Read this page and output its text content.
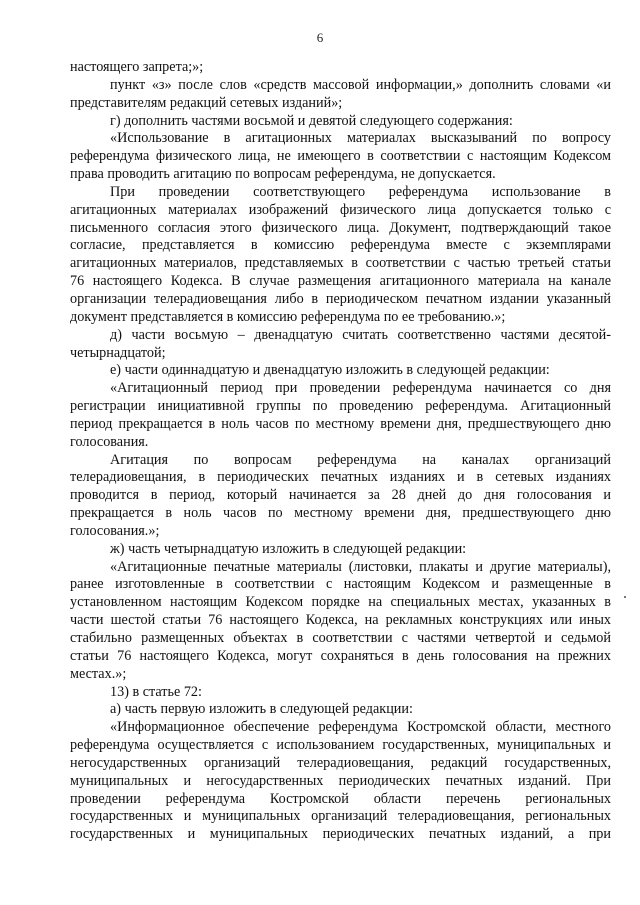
6
настоящего запрета;»;
пункт «з» после слов «средств массовой информации,» дополнить словами «и
представителям редакций сетевых изданий»;
г) дополнить частями восьмой и девятой следующего содержания:
«Использование в агитационных материалах высказываний по вопросу
референдума физического лица, не имеющего в соответствии с настоящим Кодексом
права проводить агитацию по вопросам референдума, не допускается.
При проведении соответствующего референдума использование в
агитационных материалах изображений физического лица допускается только с
письменного согласия этого физического лица. Документ, подтверждающий такое
согласие, представляется в комиссию референдума вместе с экземплярами
агитационных материалов, представляемых в соответствии с частью третьей статьи
76 настоящего Кодекса. В случае размещения агитационного материала на канале
организации телерадиовещания либо в периодическом печатном издании указанный
документ представляется в комиссию референдума по ее требованию.»;
д) части восьмую – двенадцатую считать соответственно частями десятой-
четырнадцатой;
е) части одиннадцатую и двенадцатую изложить в следующей редакции:
«Агитационный период при проведении референдума начинается со дня
регистрации инициативной группы по проведению референдума. Агитационный
период прекращается в ноль часов по местному времени дня, предшествующего дню
голосования.
Агитация по вопросам референдума на каналах организаций
телерадиовещания, в периодических печатных изданиях и в сетевых изданиях
проводится в период, который начинается за 28 дней до дня голосования и
прекращается в ноль часов по местному времени дня, предшествующего дню
голосования.»;
ж) часть четырнадцатую изложить в следующей редакции:
«Агитационные печатные материалы (листовки, плакаты и другие материалы),
ранее изготовленные в соответствии с настоящим Кодексом и размещенные в
установленном настоящим Кодексом порядке на специальных местах, указанных в
части шестой статьи 76 настоящего Кодекса, на рекламных конструкциях или иных
стабильно размещенных объектах в соответствии с частями четвертой и седьмой
статьи 76 настоящего Кодекса, могут сохраняться в день голосования на прежних
местах.»;
13) в статье 72:
а) часть первую изложить в следующей редакции:
«Информационное обеспечение референдума Костромской области, местного
референдума осуществляется с использованием государственных, муниципальных и
негосударственных организаций телерадиовещания, редакций государственных,
муниципальных и негосударственных периодических печатных изданий. При
проведении референдума Костромской области перечень региональных
государственных и муниципальных организаций телерадиовещания, региональных
государственных и муниципальных периодических печатных изданий, а при
